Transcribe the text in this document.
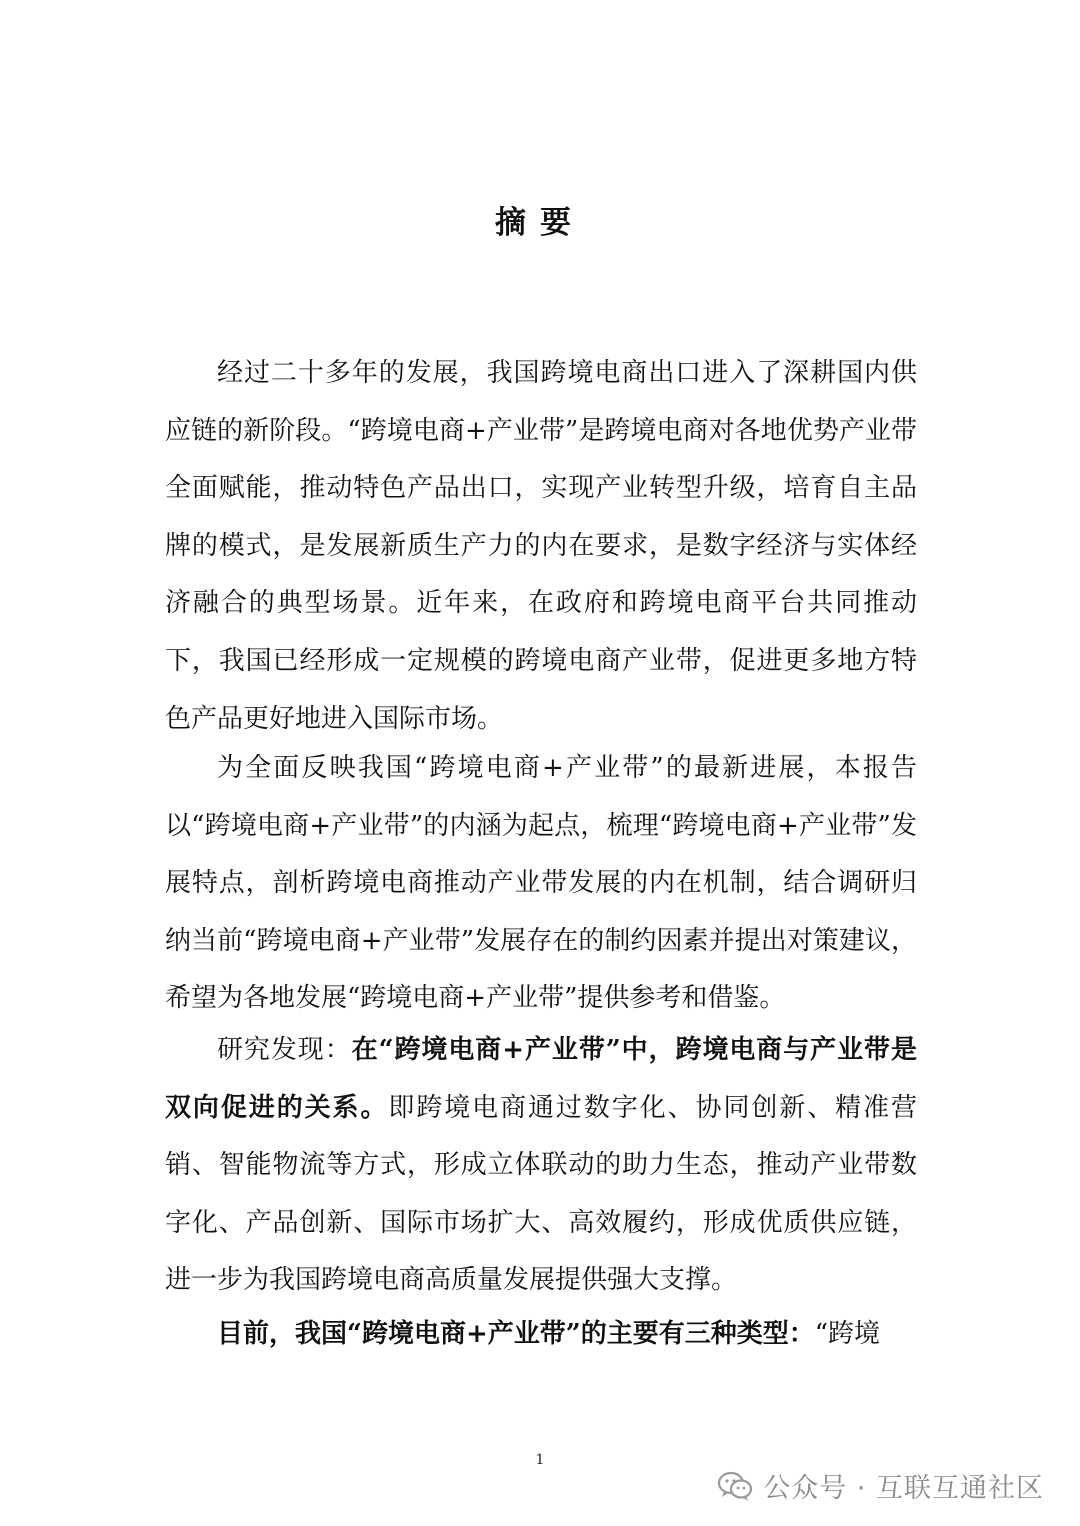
摘要

经过二十多年的发展，我国跨境电商出口进入了深耕国内供应链的新阶段。“跨境电商+产业带”是跨境电商对各地优势产业带全面赋能，推动特色产品出口，实现产业转型升级，培育自主品牌的模式，是发展新质生产力的内在要求，是数字经济与实体经济融合的典型场景。近年来，在政府和跨境电商平台共同推动下，我国已经形成一定规模的跨境电商产业带，促进更多地方特色产品更好地进入国际市场。

为全面反映我国“跨境电商+产业带”的最新进展，本报告以“跨境电商+产业带”的内涵为起点，梳理“跨境电商+产业带”发展特点，剖析跨境电商推动产业带发展的内在机制，结合调研归纳当前“跨境电商+产业带”发展存在的制约因素并提出对策建议，希望为各地发展“跨境电商+产业带”提供参考和借鉴。

研究发现：在“跨境电商+产业带”中，跨境电商与产业带是双向促进的关系。即跨境电商通过数字化、协同创新、精准营销、智能物流等方式，形成立体联动的助力生态，推动产业带数字化、产品创新、国际市场扩大、高效履约，形成优质供应链，进一步为我国跨境电商高质量发展提供强大支撑。

目前，我国“跨境电商+产业带”的主要有三种类型：“跨境

1
公众号 · 互联互通社区
